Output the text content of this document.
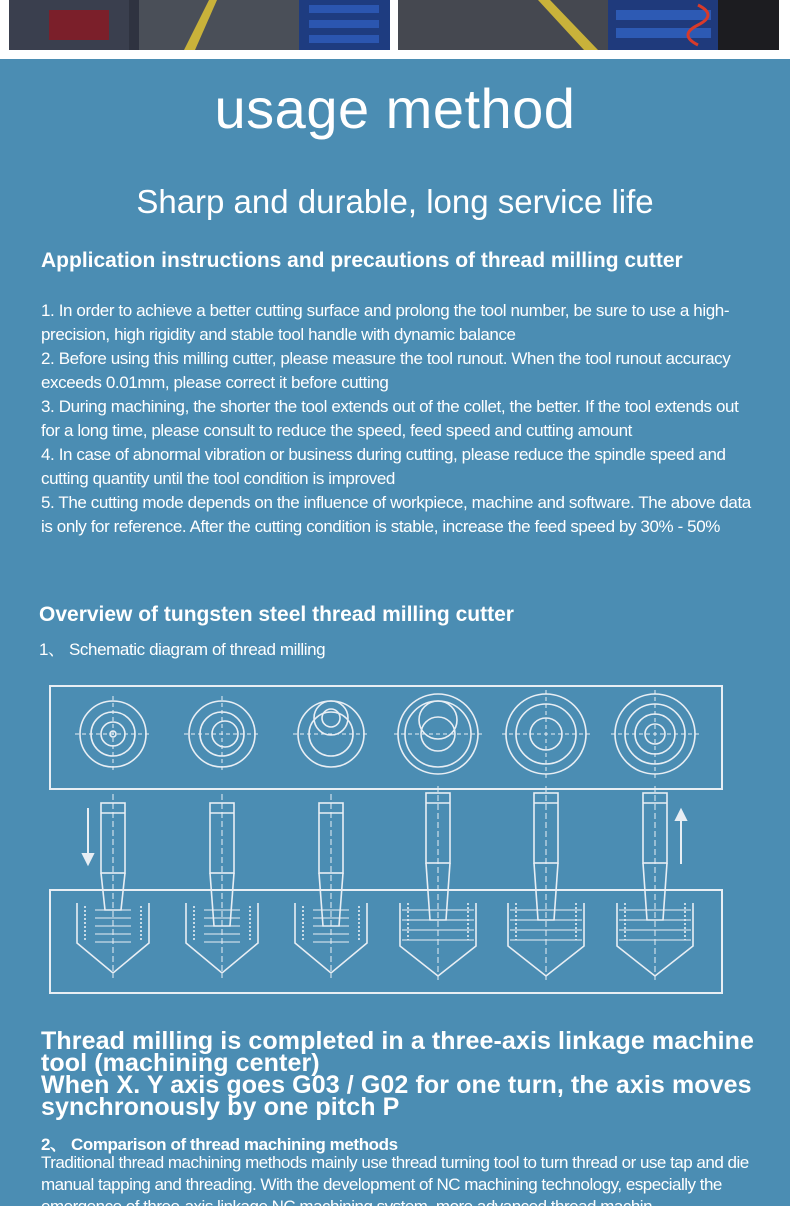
usage method
Sharp and durable, long service life
Application instructions and precautions of thread milling cutter

1. In order to achieve a better cutting surface and prolong the tool number, be sure to use a high-precision, high rigidity and stable tool handle with dynamic balance

2. Before using this milling cutter, please measure the tool runout. When the tool runout accuracy exceeds 0.01mm, please correct it before cutting

3. During machining, the shorter the tool extends out of the collet, the better. If the tool extends out for a long time, please consult to reduce the speed, feed speed and cutting amount

4. In case of abnormal vibration or business during cutting, please reduce the spindle speed and cutting quantity until the tool condition is improved

5. The cutting mode depends on the influence of workpiece, machine and software. The above data is only for reference. After the cutting condition is stable, increase the feed speed by 30% - 50%

Overview of tungsten steel thread milling cutter
1、 Schematic diagram of thread milling

Thread milling is completed in a three-axis linkage machine tool (machining center)

When X. Y axis goes G03 / G02 for one turn, the axis moves synchronously by one pitch P

2、 Comparison of thread machining methods

Traditional thread machining methods mainly use thread turning tool to turn thread or use tap and die manual tapping and threading. With the development of NC machining technology, especially the emergence of three-axis linkage NC machining system, more advanced thread machin-
